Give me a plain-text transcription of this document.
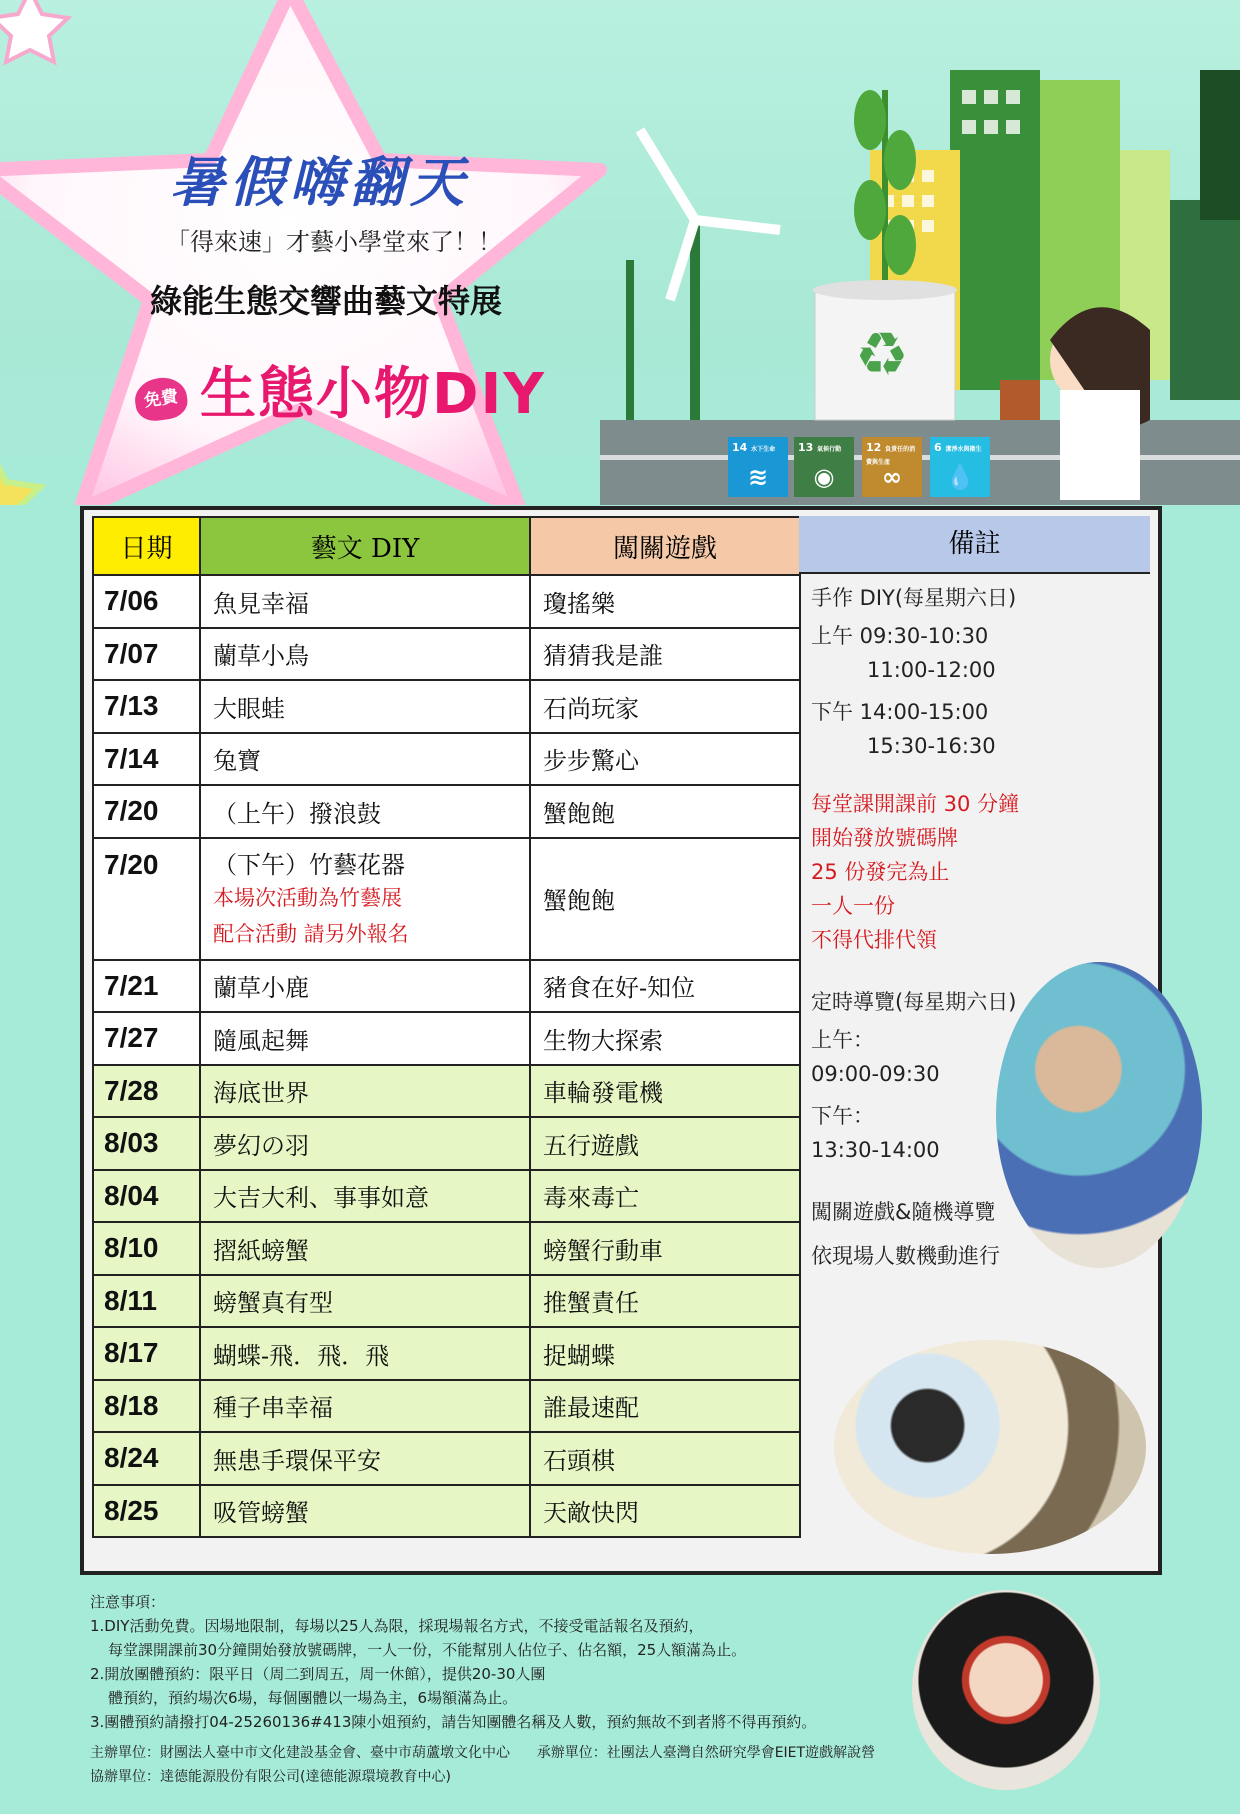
♻
暑假嗨翻天
「得來速」才藝小學堂來了！！
綠能生態交響曲藝文特展
免費 生態小物DIY
14 水下生命
≋
13 氣候行動
◉
12 負責任的消費與生產
∞
6 潔淨水與衛生
💧
日期	藝文 DIY	闖關遊戲
7/06	魚見幸福	瓊搖樂
7/07	蘭草小鳥	猜猜我是誰
7/13	大眼蛙	石尚玩家
7/14	兔寶	步步驚心
7/20	（上午）撥浪鼓	蟹飽飽
7/20	（下午）竹藝花器
本場次活動為竹藝展
配合活動 請另外報名	蟹飽飽
7/21	蘭草小鹿	豬食在好-知位
7/27	隨風起舞	生物大探索
7/28	海底世界	車輪發電機
8/03	夢幻の羽	五行遊戲
8/04	大吉大利、事事如意	毒來毒亡
8/10	摺紙螃蟹	螃蟹行動車
8/11	螃蟹真有型	推蟹責任
8/17	蝴蝶-飛．飛．飛	捉蝴蝶
8/18	種子串幸福	誰最速配
8/24	無患手環保平安	石頭棋
8/25	吸管螃蟹	天敵快閃
備註
手作 DIY(每星期六日)
上午 09:30-10:30
11:00-12:00
下午 14:00-15:00
15:30-16:30
每堂課開課前 30 分鐘
開始發放號碼牌
25 份發完為止
一人一份
不得代排代領
定時導覽(每星期六日)
上午：
09:00-09:30
下午：
13:30-14:00
闖關遊戲&隨機導覽
依現場人數機動進行
注意事項：
1.DIY活動免費。因場地限制，每場以25人為限，採現場報名方式，不接受電話報名及預約，
每堂課開課前30分鐘開始發放號碼牌，一人一份，不能幫別人佔位子、佔名額，25人額滿為止。
2.開放團體預約：限平日（周二到周五，周一休館），提供20-30人團
體預約，預約場次6場，每個團體以一場為主，6場額滿為止。
3.團體預約請撥打04-25260136#413陳小姐預約，請告知團體名稱及人數，預約無故不到者將不得再預約。
主辦單位：財團法人臺中市文化建設基金會、臺中市葫蘆墩文化中心 承辦單位：社團法人臺灣自然研究學會EIET遊戲解說營
協辦單位：達德能源股份有限公司(達德能源環境教育中心)
